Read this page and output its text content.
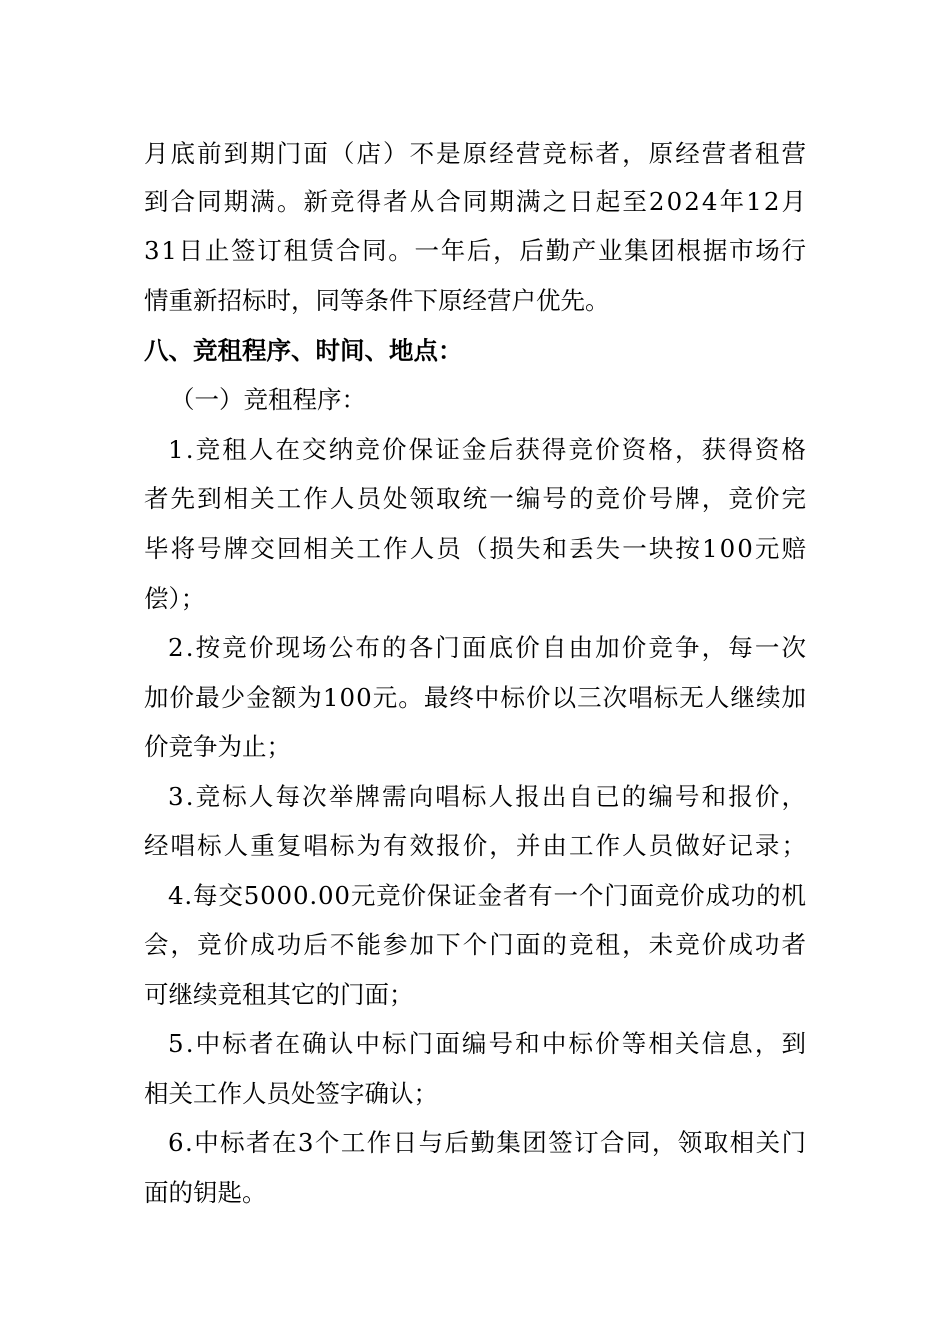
月底前到期门面（店）不是原经营竞标者，原经营者租营
到合同期满。新竞得者从合同期满之日起至2024年12月
31日止签订租赁合同。一年后，后勤产业集团根据市场行
情重新招标时，同等条件下原经营户优先。
八、竞租程序、时间、地点：
（一）竞租程序：
1.竞租人在交纳竞价保证金后获得竞价资格，获得资格
者先到相关工作人员处领取统一编号的竞价号牌，竞价完
毕将号牌交回相关工作人员（损失和丢失一块按100元赔
偿）；
2.按竞价现场公布的各门面底价自由加价竞争，每一次
加价最少金额为100元。最终中标价以三次唱标无人继续加
价竞争为止；
3.竞标人每次举牌需向唱标人报出自已的编号和报价，
经唱标人重复唱标为有效报价，并由工作人员做好记录；
4.每交5000.00元竞价保证金者有一个门面竞价成功的机
会，竞价成功后不能参加下个门面的竞租，未竞价成功者
可继续竞租其它的门面；
5.中标者在确认中标门面编号和中标价等相关信息，到
相关工作人员处签字确认；
6.中标者在3个工作日与后勤集团签订合同，领取相关门
面的钥匙。
